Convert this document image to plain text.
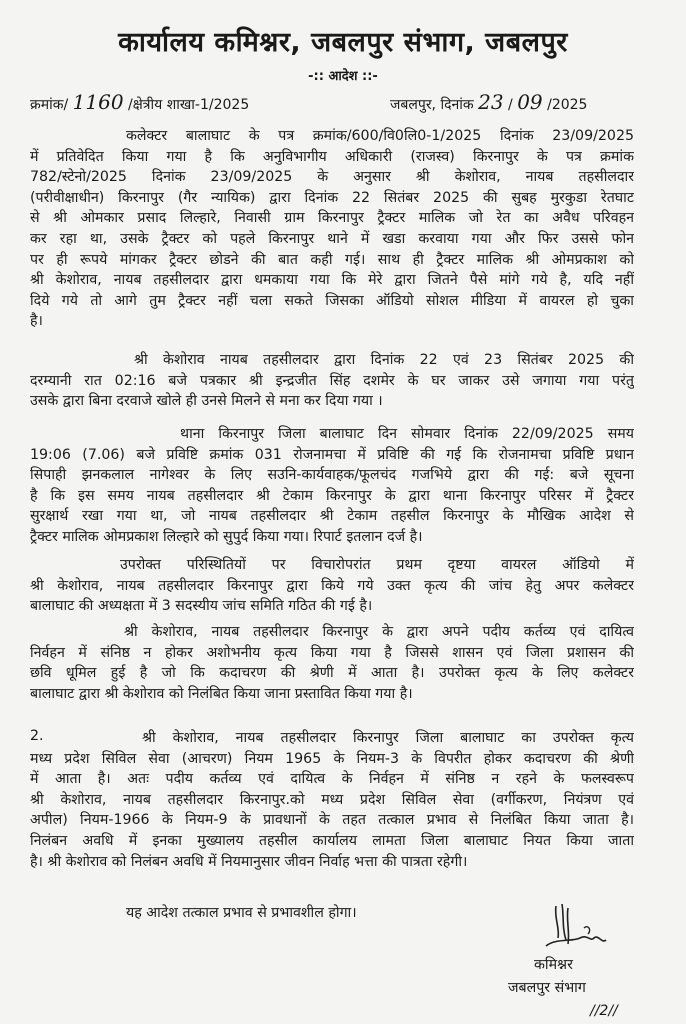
कार्यालय कमिश्नर, जबलपुर संभाग, जबलपुर
-:: आदेश ::-
क्रमांक/ 1160 /क्षेत्रीय शाखा-1/2025	जबलपुर, दिनांक 23 / 09 /2025
कलेक्टर बालाघाट के पत्र क्रमांक/600/वि0लि0-1/2025 दिनांक 23/09/2025
में प्रतिवेदित किया गया है कि अनुविभागीय अधिकारी (राजस्व) किरनापुर के पत्र क्रमांक
782/स्टेनो/2025 दिनांक 23/09/2025 के अनुसार श्री केशोराव, नायब तहसीलदार
(परीवीक्षाधीन) किरनापुर (गैर न्यायिक) द्वारा दिनांक 22 सितंबर 2025 की सुबह मुरकुडा रेतघाट
से श्री ओमकार प्रसाद लिल्हारे, निवासी ग्राम किरनापुर ट्रैक्टर मालिक जो रेत का अवैध परिवहन
कर रहा था, उसके ट्रैक्टर को पहले किरनापुर थाने में खडा करवाया गया और फिर उससे फोन
पर ही रूपये मांगकर ट्रैक्टर छोडने की बात कही गई। साथ ही ट्रैक्टर मालिक श्री ओमप्रकाश को
श्री केशोराव, नायब तहसीलदार द्वारा धमकाया गया कि मेरे द्वारा जितने पैसे मांगे गये है, यदि नहीं
दिये गये तो आगे तुम ट्रैक्टर नहीं चला सकते जिसका ऑडियो सोशल मीडिया में वायरल हो चुका
है।
श्री केशोराव नायब तहसीलदार द्वारा दिनांक 22 एवं 23 सितंबर 2025 की
दरम्यानी रात 02:16 बजे पत्रकार श्री इन्द्रजीत सिंह दशमेर के घर जाकर उसे जगाया गया परंतु
उसके द्वारा बिना दरवाजे खोले ही उनसे मिलने से मना कर दिया गया ।
थाना किरनापुर जिला बालाघाट दिन सोमवार दिनांक 22/09/2025 समय
19:06 (7.06) बजे प्रविष्टि क्रमांक 031 रोजनामचा में प्रविष्टि की गई कि रोजनामचा प्रविष्टि प्रधान
सिपाही झनकलाल नागेश्वर के लिए सउनि-कार्यवाहक/फूलचंद गजभिये द्वारा की गई: बजे सूचना
है कि इस समय नायब तहसीलदार श्री टेकाम किरनापुर के द्वारा थाना किरनापुर परिसर में ट्रैक्टर
सुरक्षार्थ रखा गया था, जो नायब तहसीलदार श्री टेकाम तहसील किरनापुर के मौखिक आदेश से
ट्रैक्टर मालिक ओमप्रकाश लिल्हारे को सुपुर्द किया गया। रिपार्ट इतलान दर्ज है।
उपरोक्त परिस्थितियों पर विचारोपरांत प्रथम दृष्टया वायरल ऑडियो में
श्री केशोराव, नायब तहसीलदार किरनापुर द्वारा किये गये उक्त कृत्य की जांच हेतु अपर कलेक्टर
बालाघाट की अध्यक्षता में 3 सदस्यीय जांच समिति गठित की गई है।
श्री केशोराव, नायब तहसीलदार किरनापुर के द्वारा अपने पदीय कर्तव्य एवं दायित्व
निर्वहन में संनिष्ठ न होकर अशोभनीय कृत्य किया गया है जिससे शासन एवं जिला प्रशासन की
छवि धूमिल हुई है जो कि कदाचरण की श्रेणी में आता है। उपरोक्त कृत्य के लिए कलेक्टर
बालाघाट द्वारा श्री केशोराव को निलंबित किया जाना प्रस्तावित किया गया है।
2.	श्री केशोराव, नायब तहसीलदार किरनापुर जिला बालाघाट का उपरोक्त कृत्य
मध्य प्रदेश सिविल सेवा (आचरण) नियम 1965 के नियम-3 के विपरीत होकर कदाचरण की श्रेणी
में आता है। अतः पदीय कर्तव्य एवं दायित्व के निर्वहन में संनिष्ठ न रहने के फलस्वरूप
श्री केशोराव, नायब तहसीलदार किरनापुर.को मध्य प्रदेश सिविल सेवा (वर्गीकरण, नियंत्रण एवं
अपील) नियम-1966 के नियम-9 के प्रावधानों के तहत तत्काल प्रभाव से निलंबित किया जाता है।
निलंबन अवधि में इनका मुख्यालय तहसील कार्यालय लामता जिला बालाघाट नियत किया जाता
है। श्री केशोराव को निलंबन अवधि में नियमानुसार जीवन निर्वाह भत्ता की पात्रता रहेगी।
यह आदेश तत्काल प्रभाव से प्रभावशील होगा।
कमिश्नर
जबलपुर संभाग
//2//
